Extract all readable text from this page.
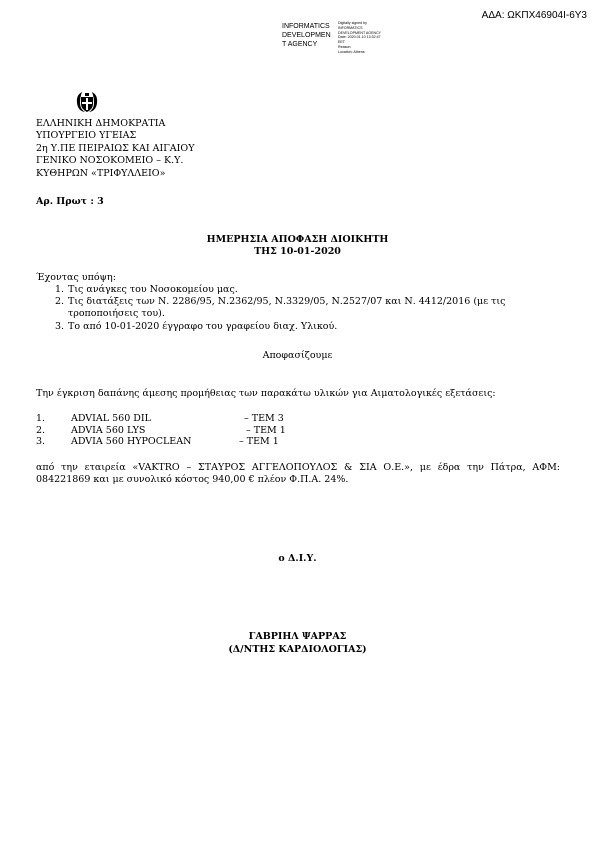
ΑΔΑ: ΩΚΠΧ46904Ι-6Υ3
INFORMATICS
DEVELOPMEN
T AGENCY
Digitally signed by
INFORMATICS
DEVELOPMENT AGENCY
Date: 2020.01.10 13:32:47
EET
Reason:
Location: Athens
ΕΛΛΗΝΙΚΗ ΔΗΜΟΚΡΑΤΙΑ
ΥΠΟΥΡΓΕΙΟ ΥΓΕΙΑΣ
2η Υ.ΠΕ ΠΕΙΡΑΙΩΣ ΚΑΙ ΑΙΓΑΙΟΥ
ΓΕΝΙΚΟ ΝΟΣΟΚΟΜΕΙΟ – Κ.Υ.
ΚΥΘΗΡΩΝ «ΤΡΙΦΥΛΛΕΙΟ»
Αρ. Πρωτ : 3
ΗΜΕΡΗΣΙΑ ΑΠΟΦΑΣΗ ΔΙΟΙΚΗΤΗ
ΤΗΣ 10-01-2020
Έχοντας υπόψη:
1. Τις ανάγκες του Νοσοκομείου μας.
2. Τις διατάξεις των Ν. 2286/95, Ν.2362/95, Ν.3329/05, Ν.2527/07 και Ν. 4412/2016 (με τις τροποποιήσεις του).
3. Το από 10-01-2020 έγγραφο του γραφείου διαχ. Υλικού.
Αποφασίζουμε
Την έγκριση δαπάνης άμεσης προμήθειας των παρακάτω υλικών για Αιματολογικές εξετάσεις:
1.	ADVIAL 560 DIL	– TEM 3
2.	ADVIA 560 LYS	– TEM 1
3.	ADVIA 560 HYPOCLEAN	– TEM 1
από την εταιρεία «VAKTRO – ΣΤΑΥΡΟΣ ΑΓΓΕΛΟΠΟΥΛΟΣ & ΣΙΑ Ο.Ε.», με έδρα την Πάτρα, ΑΦΜ: 084221869 και με συνολικό κόστος 940,00 € πλέον Φ.Π.Α. 24%.
ο Δ.Ι.Υ.
ΓΑΒΡΙΗΛ ΨΑΡΡΑΣ
(Δ/ΝΤΗΣ ΚΑΡΔΙΟΛΟΓΙΑΣ)
